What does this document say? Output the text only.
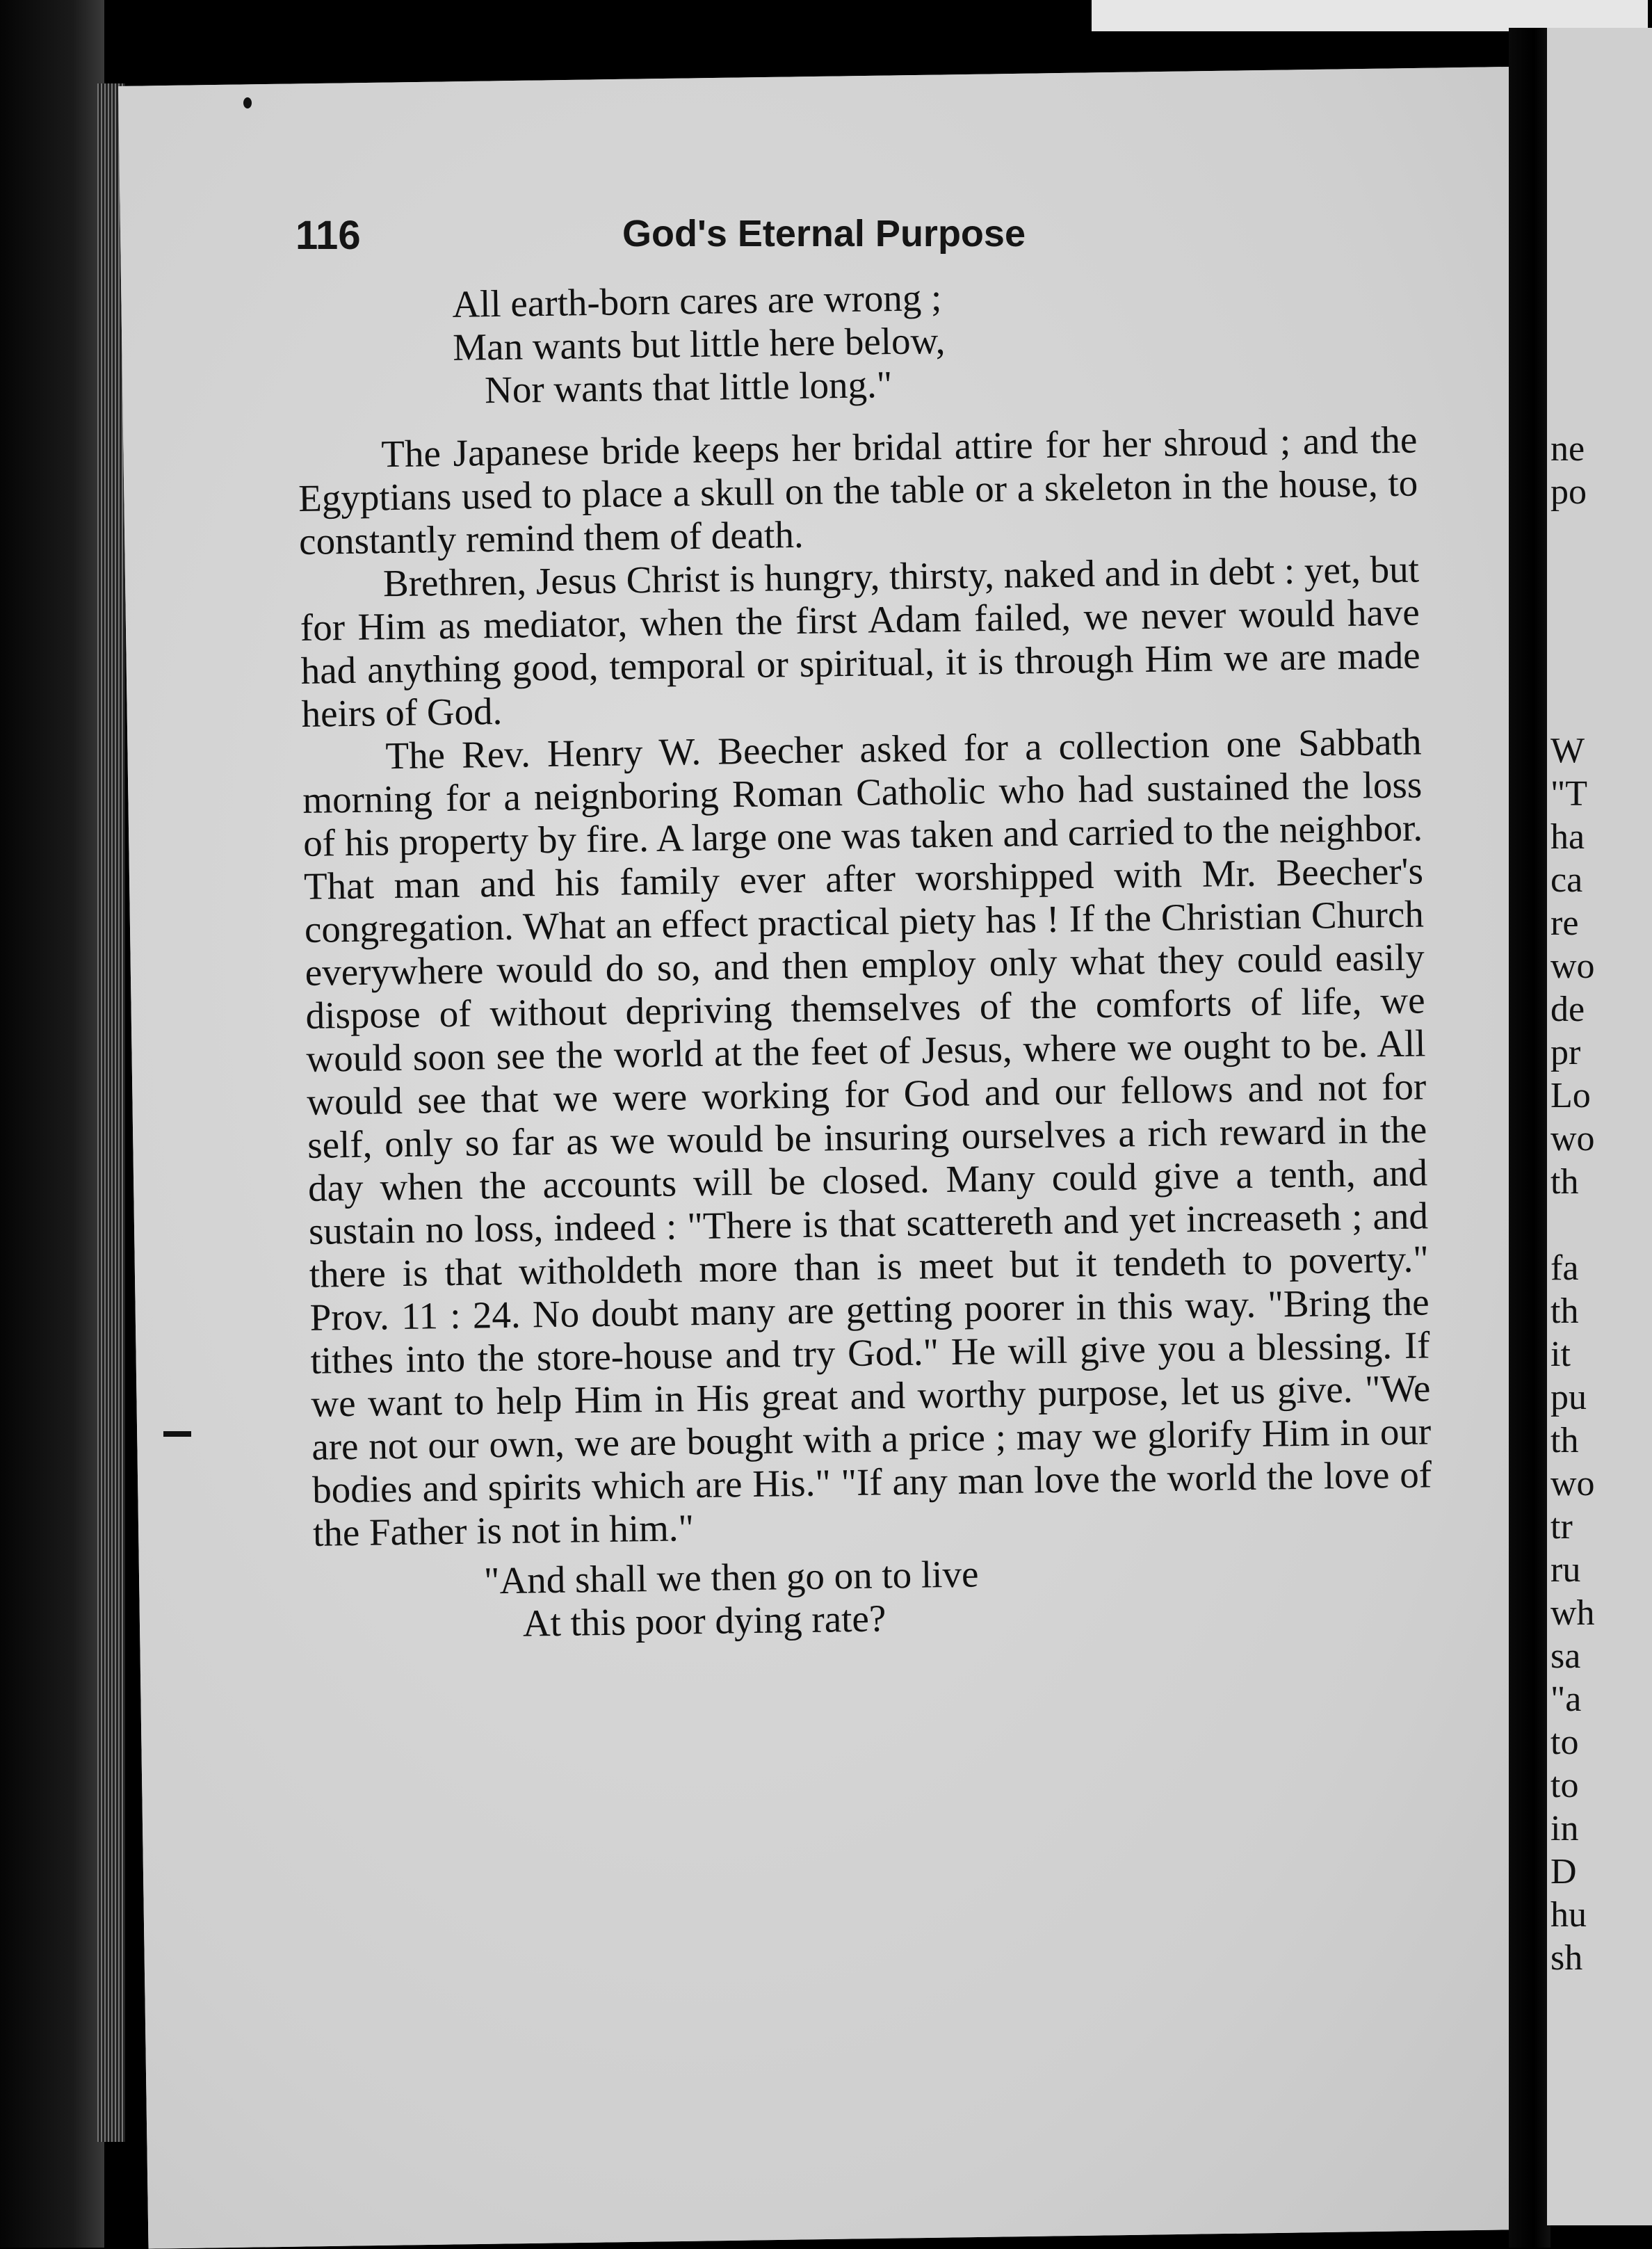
116	God's Eternal Purpose
All earth-born cares are wrong ;
Man wants but little here below,
Nor wants that little long."

The Japanese bride keeps her bridal attire for her shroud ; and the Egyptians used to place a skull on the table or a skeleton in the house, to constantly remind them of death.

Brethren, Jesus Christ is hungry, thirsty, naked and in debt : yet, but for Him as mediator, when the first Adam failed, we never would have had anything good, temporal or spiritual, it is through Him we are made heirs of God.

The Rev. Henry W. Beecher asked for a collection one Sabbath morning for a neignboring Roman Catholic who had sustained the loss of his property by fire. A large one was taken and carried to the neighbor. That man and his family ever after worshipped with Mr. Beecher's congregation. What an effect practical piety has ! If the Christian Church everywhere would do so, and then employ only what they could easily dispose of without depriving themselves of the comforts of life, we would soon see the world at the feet of Jesus, where we ought to be. All would see that we were working for God and our fellows and not for self, only so far as we would be insuring ourselves a rich reward in the day when the accounts will be closed. Many could give a tenth, and sustain no loss, indeed : "There is that scattereth and yet increaseth ; and there is that witholdeth more than is meet but it tendeth to poverty." Prov. 11 : 24. No doubt many are getting poorer in this way. "Bring the tithes into the store-house and try God." He will give you a blessing. If we want to help Him in His great and worthy purpose, let us give. "We are not our own, we are bought with a price ; may we glorify Him in our bodies and spirits which are His." "If any man love the world the love of the Father is not in him."

"And shall we then go on to live
At this poor dying rate?
ne
po

W
"T
ha
ca
re
wo
de
pr
Lo
wo
th

fa
th
it
pu
th
wo
tr
ru
wh
sa
"a
to
to
in
D
hu
sh
